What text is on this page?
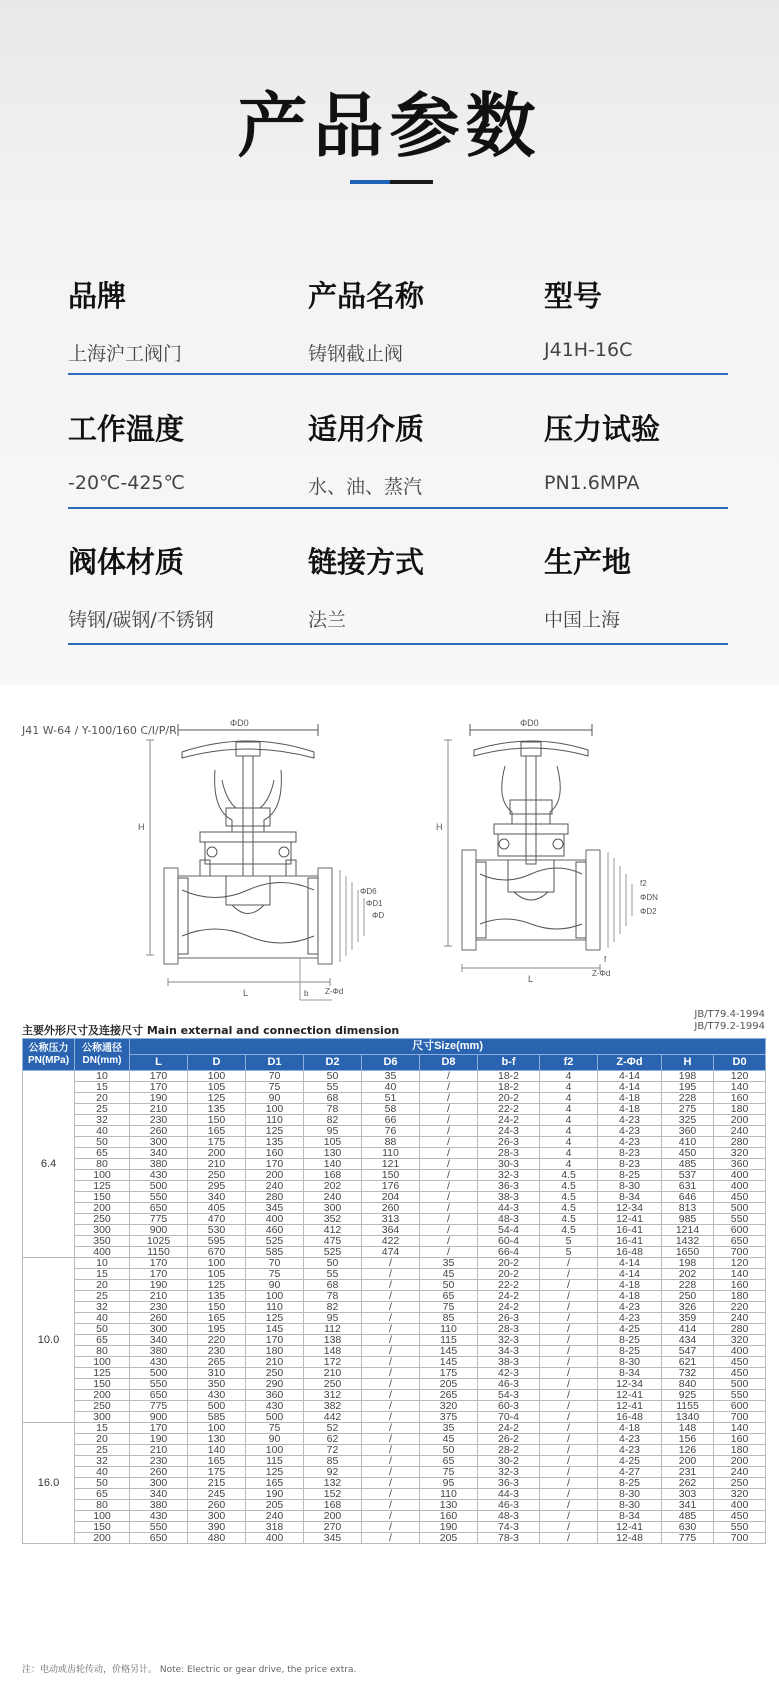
产品参数
品牌
上海沪工阀门
产品名称
铸钢截止阀
型号
J41H-16C
工作温度
-20℃-425℃
适用介质
水、油、蒸汽
压力试验
PN1.6MPA
阀体材质
铸钢/碳钢/不锈钢
链接方式
法兰
生产地
中国上海
J41 W-64 / Y-100/160 C/I/P/R
ΦD0
H
L	Z-Φd
b
ΦD
ΦD1
ΦD6
ΦD0
H
L
Z-Φd
ΦD2
ΦDN
f2
f
JB/T79.4-1994
JB/T79.2-1994
主要外形尺寸及连接尺寸 Main external and connection dimension
公称压力 PN(MPa)	公称通径 DN(mm)	尺寸Size(mm)										
		L	D	D1	D2	D6	D8	b-f	f2	Z-Φd	H	D0
6.4	10	170	100	70	50	35	/	18-2	4	4-14	198	120
	15	170	105	75	55	40	/	18-2	4	4-14	195	140
	20	190	125	90	68	51	/	20-2	4	4-18	228	160
	25	210	135	100	78	58	/	22-2	4	4-18	275	180
	32	230	150	110	82	66	/	24-2	4	4-23	325	200
	40	260	165	125	95	76	/	24-3	4	4-23	360	240
	50	300	175	135	105	88	/	26-3	4	4-23	410	280
	65	340	200	160	130	110	/	28-3	4	8-23	450	320
	80	380	210	170	140	121	/	30-3	4	8-23	485	360
	100	430	250	200	168	150	/	32-3	4.5	8-25	537	400
	125	500	295	240	202	176	/	36-3	4.5	8-30	631	400
	150	550	340	280	240	204	/	38-3	4.5	8-34	646	450
	200	650	405	345	300	260	/	44-3	4.5	12-34	813	500
	250	775	470	400	352	313	/	48-3	4.5	12-41	985	550
	300	900	530	460	412	364	/	54-4	4.5	16-41	1214	600
	350	1025	595	525	475	422	/	60-4	5	16-41	1432	650
	400	1150	670	585	525	474	/	66-4	5	16-48	1650	700
10.0	10	170	100	70	50	/	35	20-2	/	4-14	198	120
	15	170	105	75	55	/	45	20-2	/	4-14	202	140
	20	190	125	90	68	/	50	22-2	/	4-18	228	160
	25	210	135	100	78	/	65	24-2	/	4-18	250	180
	32	230	150	110	82	/	75	24-2	/	4-23	326	220
	40	260	165	125	95	/	85	26-3	/	4-23	359	240
	50	300	195	145	112	/	110	28-3	/	4-25	414	280
	65	340	220	170	138	/	115	32-3	/	8-25	434	320
	80	380	230	180	148	/	145	34-3	/	8-25	547	400
	100	430	265	210	172	/	145	38-3	/	8-30	621	450
	125	500	310	250	210	/	175	42-3	/	8-34	732	450
	150	550	350	290	250	/	205	46-3	/	12-34	840	500
	200	650	430	360	312	/	265	54-3	/	12-41	925	550
	250	775	500	430	382	/	320	60-3	/	12-41	1155	600
	300	900	585	500	442	/	375	70-4	/	16-48	1340	700
16.0	15	170	100	75	52	/	35	24-2	/	4-18	148	140
	20	190	130	90	62	/	45	26-2	/	4-23	156	160
	25	210	140	100	72	/	50	28-2	/	4-23	126	180
	32	230	165	115	85	/	65	30-2	/	4-25	200	200
	40	260	175	125	92	/	75	32-3	/	4-27	231	240
	50	300	215	165	132	/	95	36-3	/	8-25	262	250
	65	340	245	190	152	/	110	44-3	/	8-30	303	320
	80	380	260	205	168	/	130	46-3	/	8-30	341	400
	100	430	300	240	200	/	160	48-3	/	8-34	485	450
	150	550	390	318	270	/	190	74-3	/	12-41	630	550
	200	650	480	400	345	/	205	78-3	/	12-48	775	700
注：电动或齿轮传动，价格另计。 Note: Electric or gear drive, the price extra.
